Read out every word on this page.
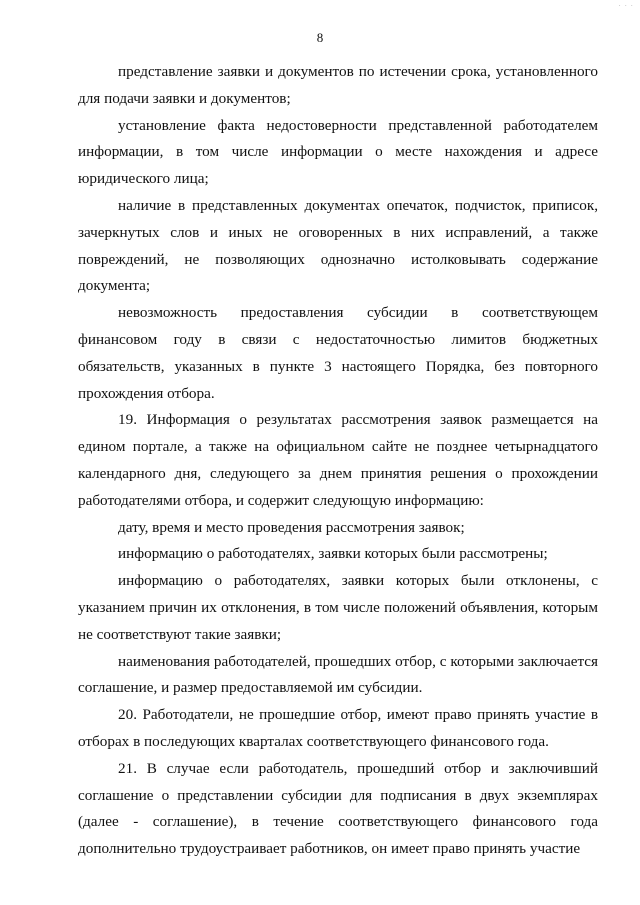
· · ·
8

представление заявки и документов по истечении срока, установленного для подачи заявки и документов;

установление факта недостоверности представленной работодателем информации, в том числе информации о месте нахождения и адресе юридического лица;

наличие в представленных документах опечаток, подчисток, приписок, зачеркнутых слов и иных не оговоренных в них исправлений, а также повреждений, не позволяющих однозначно истолковывать содержание документа;

невозможность предоставления субсидии в соответствующем финансовом году в связи с недостаточностью лимитов бюджетных обязательств, указанных в пункте 3 настоящего Порядка, без повторного прохождения отбора.

19. Информация о результатах рассмотрения заявок размещается на едином портале, а также на официальном сайте не позднее четырнадцатого календарного дня, следующего за днем принятия решения о прохождении работодателями отбора, и содержит следующую информацию:

дату, время и место проведения рассмотрения заявок;

информацию о работодателях, заявки которых были рассмотрены;

информацию о работодателях, заявки которых были отклонены, с указанием причин их отклонения, в том числе положений объявления, которым не соответствуют такие заявки;

наименования работодателей, прошедших отбор, с которыми заключается соглашение, и размер предоставляемой им субсидии.

20. Работодатели, не прошедшие отбор, имеют право принять участие в отборах в последующих кварталах соответствующего финансового года.

21. В случае если работодатель, прошедший отбор и заключивший соглашение о представлении субсидии для подписания в двух экземплярах (далее - соглашение), в течение соответствующего финансового года дополнительно трудоустраивает работников, он имеет право принять участие
